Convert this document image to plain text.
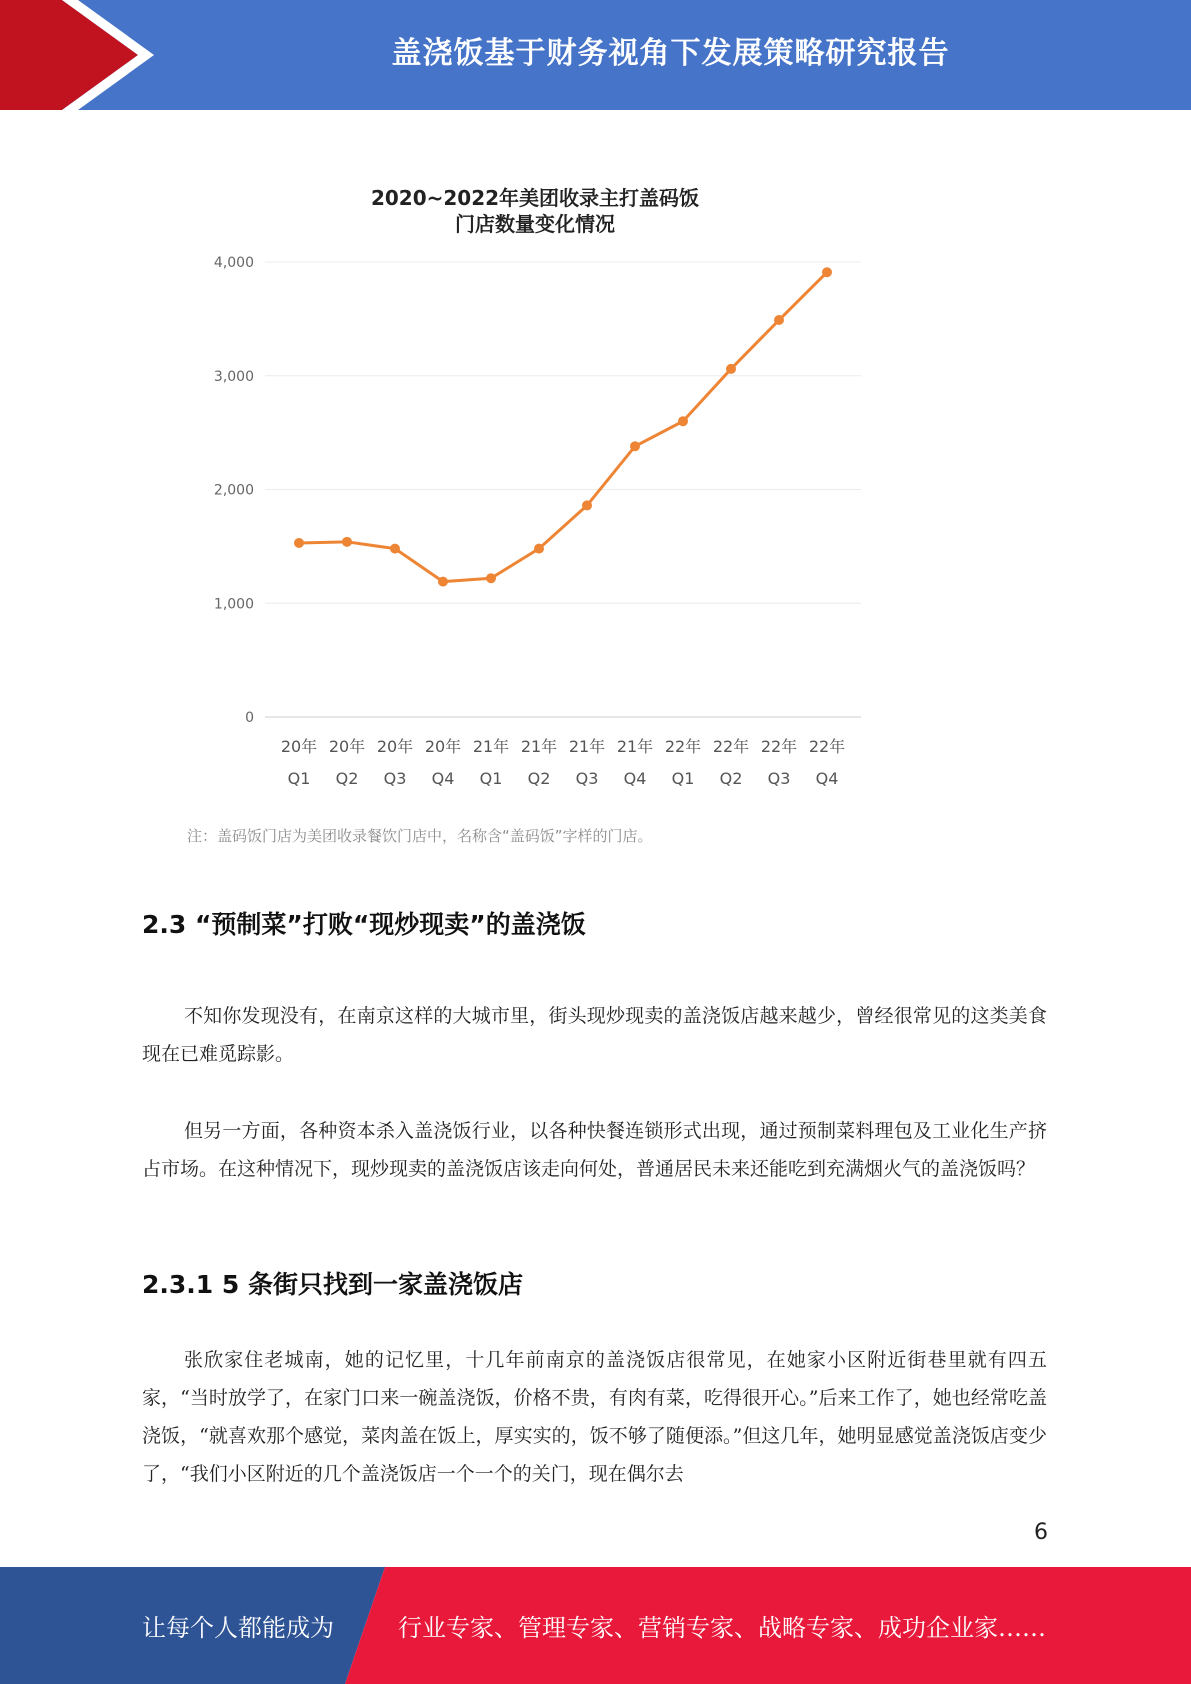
盖浇饭基于财务视角下发展策略研究报告
0
1,000
2,000
3,000
4,000
20年
Q1
20年
Q2
20年
Q3
20年
Q4
21年
Q1
21年
Q2
21年
Q3
21年
Q4
22年
Q1
22年
Q2
22年
Q3
22年
Q4
2020~2022年美团收录主打盖码饭
门店数量变化情况
注：盖码饭门店为美团收录餐饮门店中，名称含“盖码饭”字样的门店。
2.3 “预制菜”打败“现炒现卖”的盖浇饭

不知你发现没有，在南京这样的大城市里，街头现炒现卖的盖浇饭店越来越少，曾经很常见的这类美食现在已难觅踪影。

但另一方面，各种资本杀入盖浇饭行业，以各种快餐连锁形式出现，通过预制菜料理包及工业化生产挤占市场。在这种情况下，现炒现卖的盖浇饭店该走向何处，普通居民未来还能吃到充满烟火气的盖浇饭吗？

2.3.1 5 条街只找到一家盖浇饭店

张欣家住老城南，她的记忆里，十几年前南京的盖浇饭店很常见，在她家小区附近街巷里就有四五家，“当时放学了，在家门口来一碗盖浇饭，价格不贵，有肉有菜，吃得很开心。”后来工作了，她也经常吃盖浇饭，“就喜欢那个感觉，菜肉盖在饭上，厚实实的，饭不够了随便添。”但这几年，她明显感觉盖浇饭店变少了，“我们小区附近的几个盖浇饭店一个一个的关门，现在偶尔去

6
让每个人都能成为	行业专家、管理专家、营销专家、战略专家、成功企业家……
